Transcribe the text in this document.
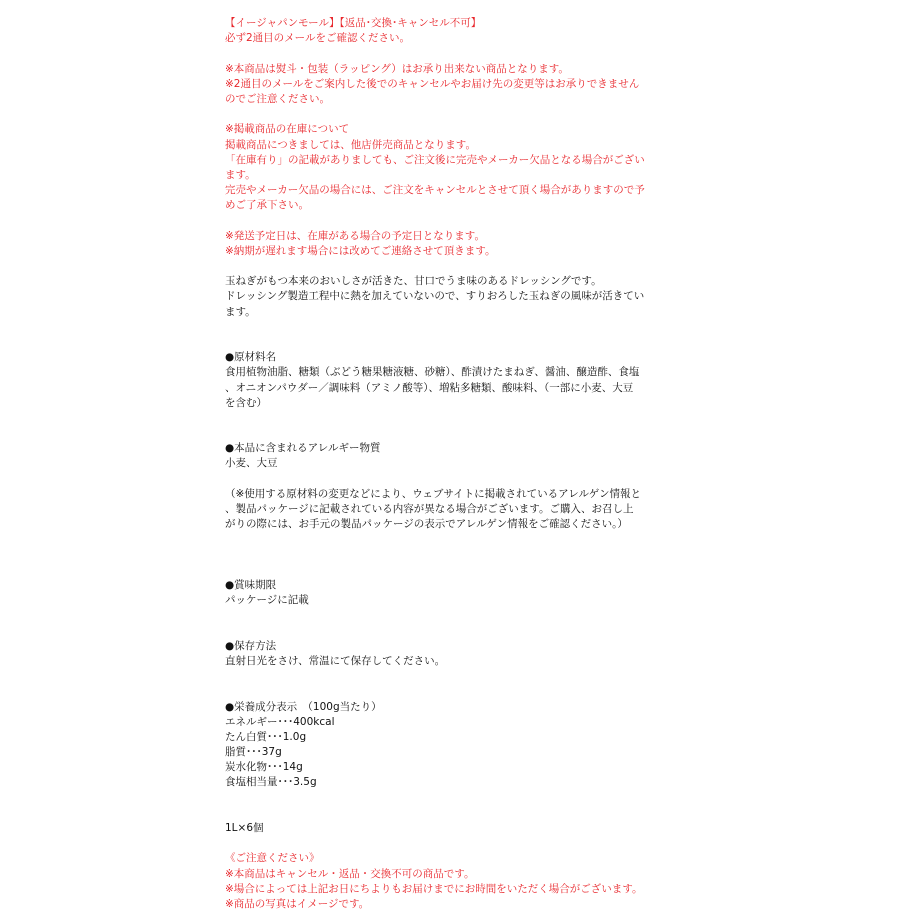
【イージャパンモール】【返品･交換･キャンセル不可】
必ず2通目のメールをご確認ください。
※本商品は熨斗・包装（ラッピング）はお承り出来ない商品となります。
※2通目のメールをご案内した後でのキャンセルやお届け先の変更等はお承りできません
のでご注意ください。
※掲載商品の在庫について
掲載商品につきましては、他店併売商品となります。
「在庫有り」の記載がありましても、ご注文後に完売やメーカー欠品となる場合がござい
ます。
完売やメーカー欠品の場合には、ご注文をキャンセルとさせて頂く場合がありますので予
めご了承下さい。
※発送予定日は、在庫がある場合の予定日となります。
※納期が遅れます場合には改めてご連絡させて頂きます。
玉ねぎがもつ本来のおいしさが活きた、甘口でうま味のあるドレッシングです。
ドレッシング製造工程中に熱を加えていないので、すりおろした玉ねぎの風味が活きてい
ます。
●原材料名
食用植物油脂、糖類（ぶどう糖果糖液糖、砂糖）、酢漬けたまねぎ、醤油、醸造酢、食塩
、オニオンパウダー／調味料（アミノ酸等）、増粘多糖類、酸味料、（一部に小麦、大豆
を含む）
●本品に含まれるアレルギー物質
小麦、大豆
（※使用する原材料の変更などにより、ウェブサイトに掲載されているアレルゲン情報と
、製品パッケージに記載されている内容が異なる場合がございます。ご購入、お召し上
がりの際には、お手元の製品パッケージの表示でアレルゲン情報をご確認ください。）
●賞味期限
パッケージに記載
●保存方法
直射日光をさけ、常温にて保存してください。
●栄養成分表示　（100g当たり）
エネルギー･･･400kcal
たん白質･･･1.0g
脂質･･･37g
炭水化物･･･14g
食塩相当量･･･3.5g
1L×6個
《ご注意ください》
※本商品はキャンセル・返品・交換不可の商品です。
※場合によっては上記お日にちよりもお届けまでにお時間をいただく場合がございます。
※商品の写真はイメージです。
